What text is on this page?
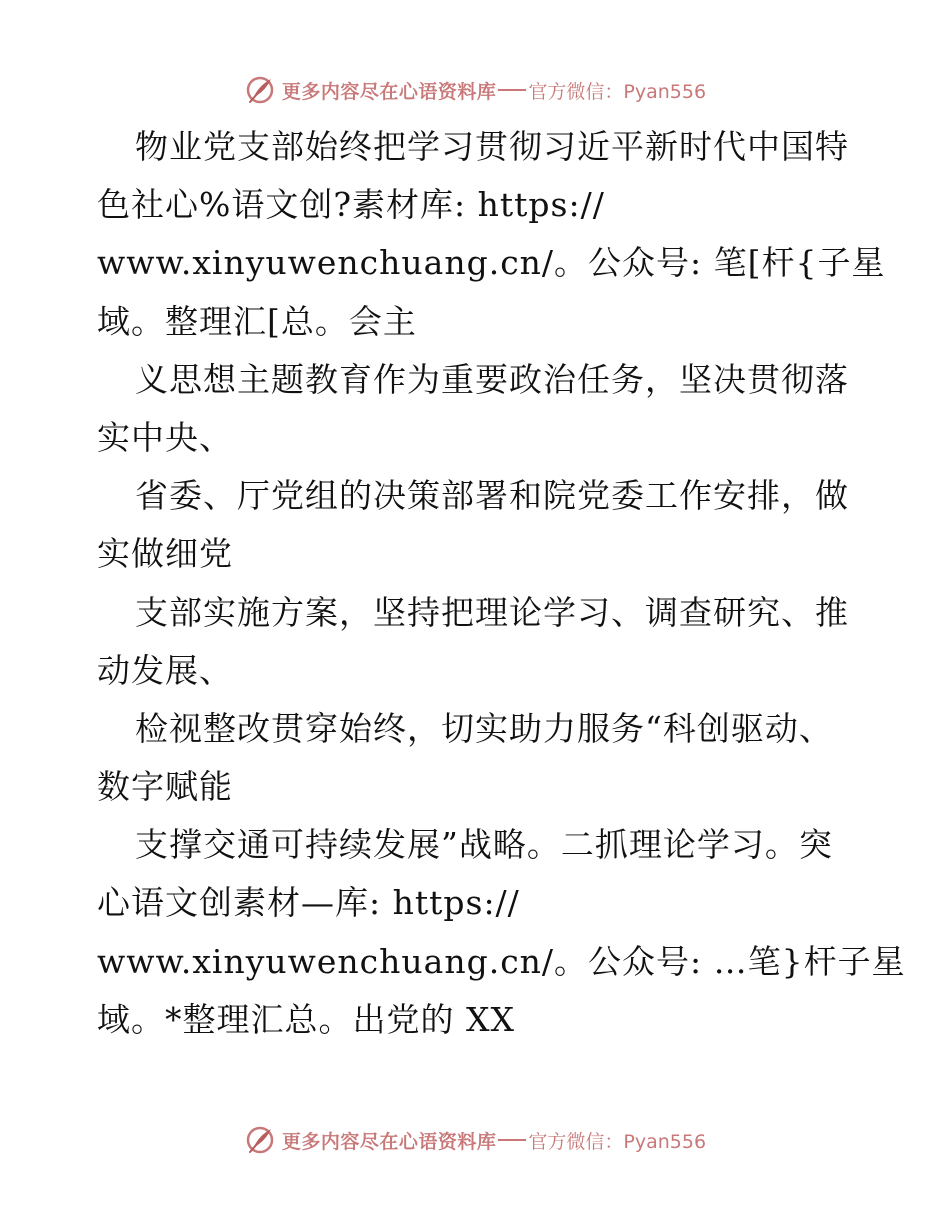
更多内容尽在心语资料库 官方微信：Pyan556
物业党支部始终把学习贯彻习近平新时代中国特
色社心%语文创?素材库: https://
www.xinyuwenchuang.cn/。公众号: 笔[杆{子星
域。整理汇[总。会主
义思想主题教育作为重要政治任务，坚决贯彻落
实中央、
省委、厅党组的决策部署和院党委工作安排，做
实做细党
支部实施方案，坚持把理论学习、调查研究、推
动发展、
检视整改贯穿始终，切实助力服务“科创驱动、
数字赋能
支撑交通可持续发展”战略。二抓理论学习。突
心语文创素材—库: https://
www.xinyuwenchuang.cn/。公众号: …笔}杆子星
域。*整理汇总。出党的 XX
更多内容尽在心语资料库 官方微信：Pyan556
